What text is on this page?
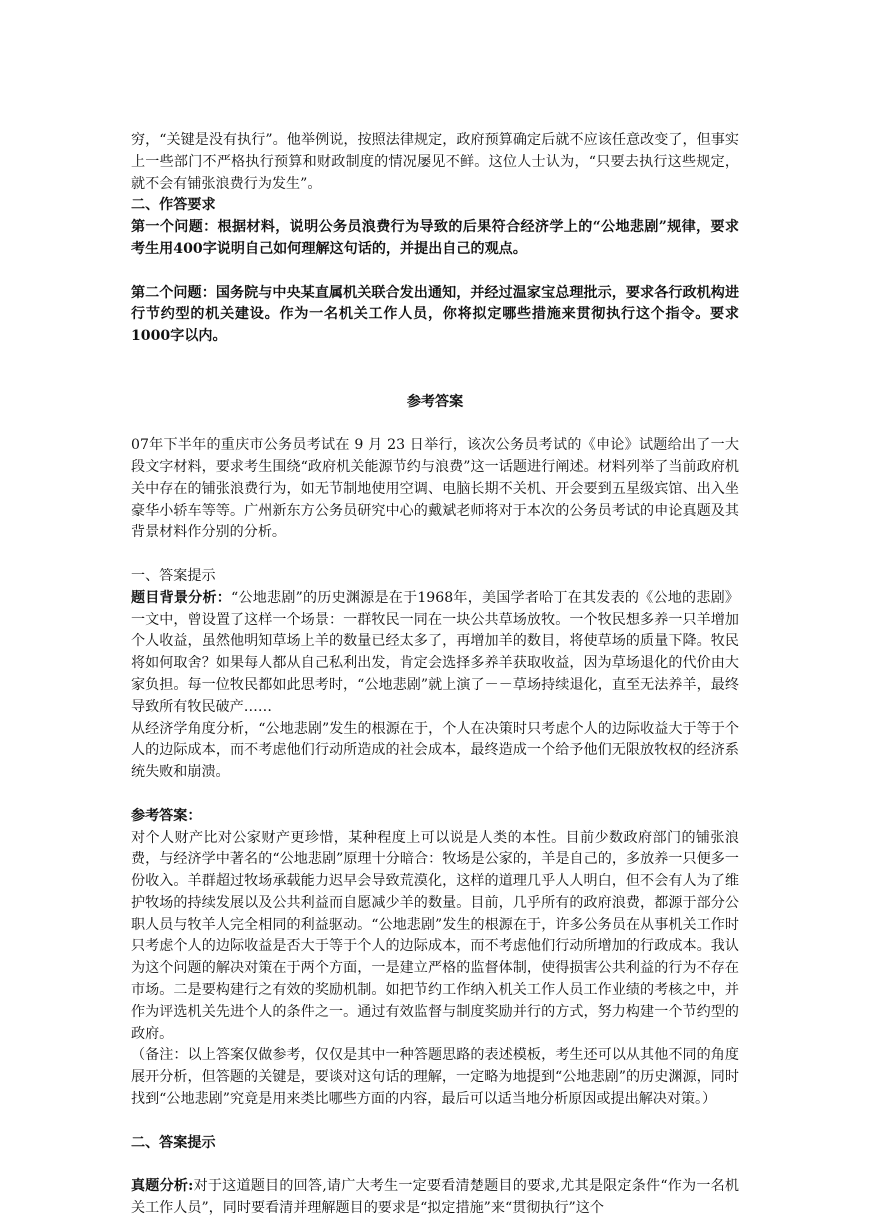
穷，“关键是没有执行”。他举例说，按照法律规定，政府预算确定后就不应该任意改变了，但事实上一些部门不严格执行预算和财政制度的情况屡见不鲜。这位人士认为，“只要去执行这些规定，就不会有铺张浪费行为发生”。

二、作答要求

第一个问题：根据材料，说明公务员浪费行为导致的后果符合经济学上的“公地悲剧”规律，要求考生用400字说明自己如何理解这句话的，并提出自己的观点。

第二个问题：国务院与中央某直属机关联合发出通知，并经过温家宝总理批示，要求各行政机构进行节约型的机关建设。作为一名机关工作人员，你将拟定哪些措施来贯彻执行这个指令。要求1000字以内。

参考答案

07年下半年的重庆市公务员考试在 9 月 23 日举行，该次公务员考试的《申论》试题给出了一大段文字材料，要求考生围绕“政府机关能源节约与浪费”这一话题进行阐述。材料列举了当前政府机关中存在的铺张浪费行为，如无节制地使用空调、电脑长期不关机、开会要到五星级宾馆、出入坐豪华小轿车等等。广州新东方公务员研究中心的戴斌老师将对于本次的公务员考试的申论真题及其背景材料作分别的分析。

一、答案提示

题目背景分析：“公地悲剧”的历史渊源是在于1968年，美国学者哈丁在其发表的《公地的悲剧》一文中，曾设置了这样一个场景：一群牧民一同在一块公共草场放牧。一个牧民想多养一只羊增加个人收益，虽然他明知草场上羊的数量已经太多了，再增加羊的数目，将使草场的质量下降。牧民将如何取舍？如果每人都从自己私利出发，肯定会选择多养羊获取收益，因为草场退化的代价由大家负担。每一位牧民都如此思考时，“公地悲剧”就上演了－－草场持续退化，直至无法养羊，最终导致所有牧民破产……

从经济学角度分析，“公地悲剧”发生的根源在于，个人在决策时只考虑个人的边际收益大于等于个人的边际成本，而不考虑他们行动所造成的社会成本，最终造成一个给予他们无限放牧权的经济系统失败和崩溃。

参考答案：

对个人财产比对公家财产更珍惜，某种程度上可以说是人类的本性。目前少数政府部门的铺张浪费，与经济学中著名的“公地悲剧”原理十分暗合：牧场是公家的，羊是自己的，多放养一只便多一份收入。羊群超过牧场承载能力迟早会导致荒漠化，这样的道理几乎人人明白，但不会有人为了维护牧场的持续发展以及公共利益而自愿减少羊的数量。目前，几乎所有的政府浪费，都源于部分公职人员与牧羊人完全相同的利益驱动。“公地悲剧”发生的根源在于，许多公务员在从事机关工作时只考虑个人的边际收益是否大于等于个人的边际成本，而不考虑他们行动所增加的行政成本。我认为这个问题的解决对策在于两个方面，一是建立严格的监督体制，使得损害公共利益的行为不存在市场。二是要构建行之有效的奖励机制。如把节约工作纳入机关工作人员工作业绩的考核之中，并作为评选机关先进个人的条件之一。通过有效监督与制度奖励并行的方式，努力构建一个节约型的政府。

（备注：以上答案仅做参考，仅仅是其中一种答题思路的表述模板，考生还可以从其他不同的角度展开分析，但答题的关键是，要谈对这句话的理解，一定略为地提到“公地悲剧”的历史渊源，同时找到“公地悲剧”究竟是用来类比哪些方面的内容，最后可以适当地分析原因或提出解决对策。）

二、答案提示

真题分析:对于这道题目的回答,请广大考生一定要看清楚题目的要求,尤其是限定条件“作为一名机关工作人员”，同时要看清并理解题目的要求是“拟定措施”来“贯彻执行”这个
